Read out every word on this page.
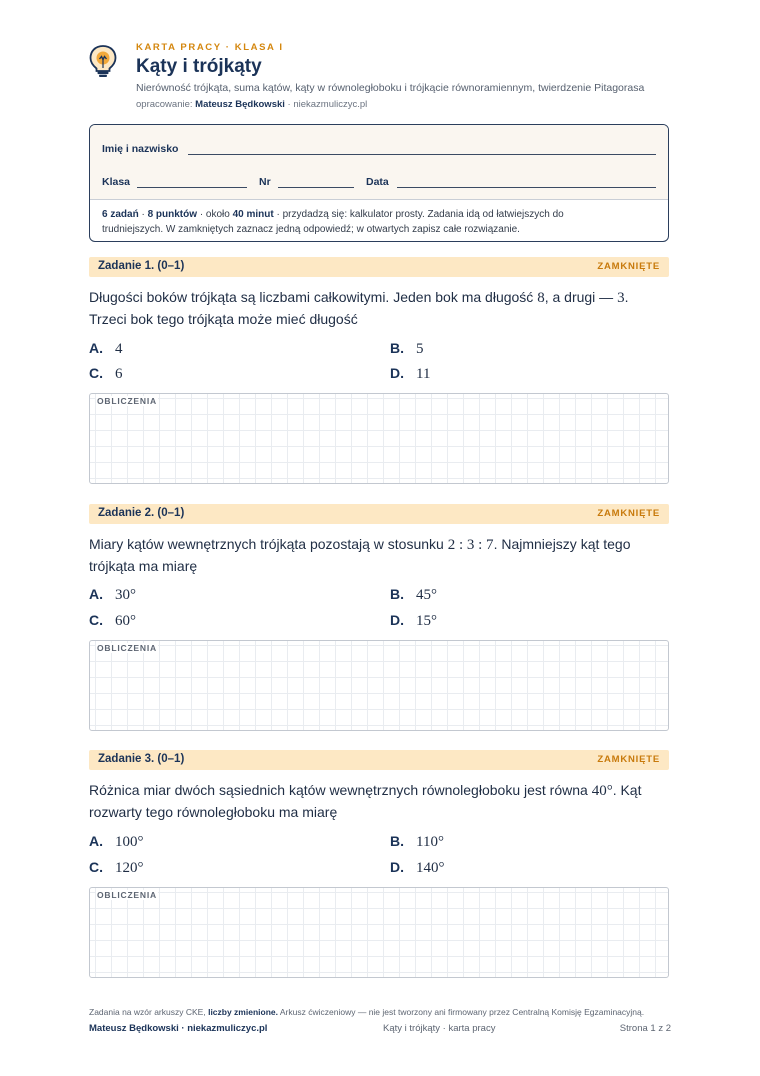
KARTA PRACY · KLASA I
Kąty i trójkąty
Nierówność trójkąta, suma kątów, kąty w równoległoboku i trójkącie równoramiennym, twierdzenie Pitagorasa
opracowanie: Mateusz Będkowski · niekazmuliczyc.pl
Imię i nazwisko
Klasa	Nr	Data
6 zadań · 8 punktów · około 40 minut · przydadzą się: kalkulator prosty. Zadania idą od łatwiejszych do
trudniejszych. W zamkniętych zaznacz jedną odpowiedź; w otwartych zapisz całe rozwiązanie.
Zadanie 1. (0–1)	ZAMKNIĘTE
Długości boków trójkąta są liczbami całkowitymi. Jeden bok ma długość 8, a drugi — 3.
Trzeci bok tego trójkąta może mieć długość
A. 4	B. 5
C. 6	D. 11
OBLICZENIA
Zadanie 2. (0–1)	ZAMKNIĘTE
Miary kątów wewnętrznych trójkąta pozostają w stosunku 2 : 3 : 7. Najmniejszy kąt tego
trójkąta ma miarę
A. 30°	B. 45°
C. 60°	D. 15°
OBLICZENIA
Zadanie 3. (0–1)	ZAMKNIĘTE
Różnica miar dwóch sąsiednich kątów wewnętrznych równoległoboku jest równa 40°. Kąt
rozwarty tego równoległoboku ma miarę
A. 100°	B. 110°
C. 120°	D. 140°
OBLICZENIA
Zadania na wzór arkuszy CKE, liczby zmienione. Arkusz ćwiczeniowy — nie jest tworzony ani firmowany przez Centralną Komisję Egzaminacyjną.
Mateusz Będkowski · niekazmuliczyc.pl	Kąty i trójkąty · karta pracy	Strona 1 z 2
